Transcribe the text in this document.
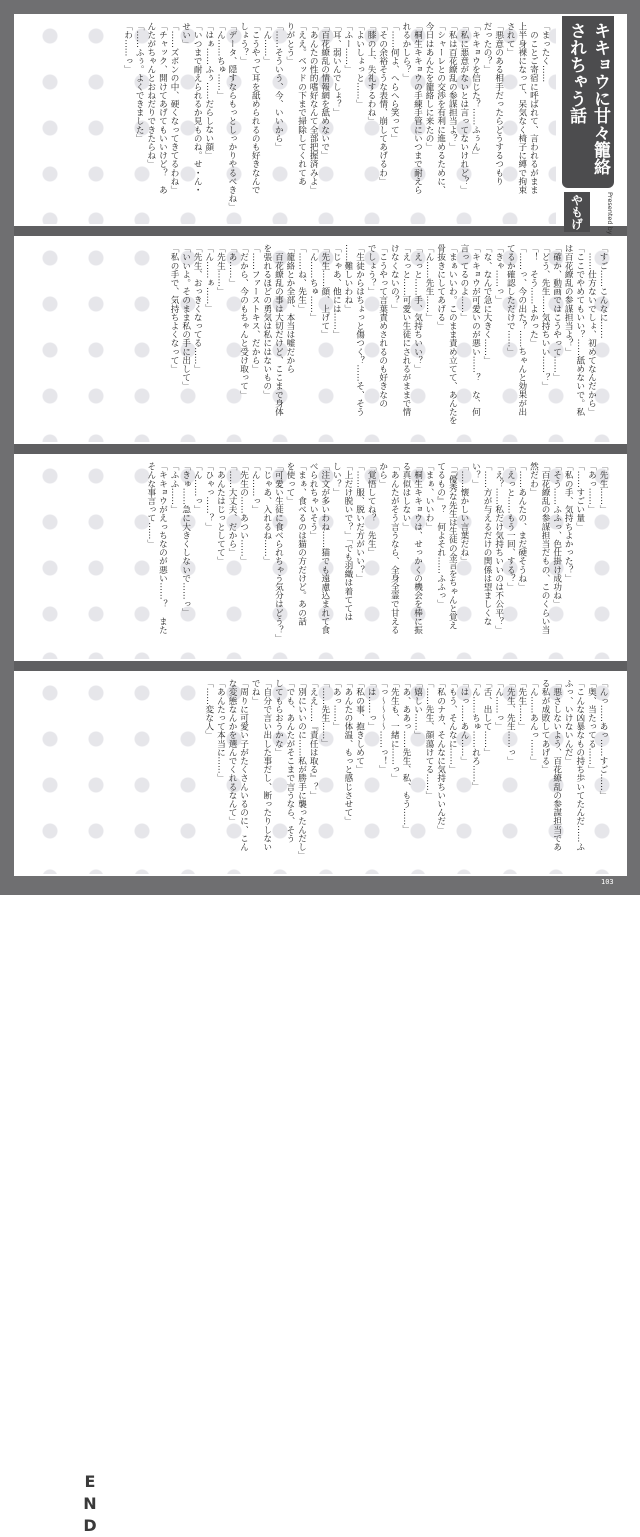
「まったく……
　のことご寄宿に呼ばれて、言われるがまま
上半身裸になって、呆気なく椅子に縛で拘束
されて」
「悪意のある相手だったらどうするつもり
だったの？」
「キキョウを信じた？……ふぅん」
「私に悪意がないとは言ってないけれど？」
「私は百花繚乱の参謀担当よ？」
「シャーレとの交渉を有利に進めるために、
今日はあんたを籠絡しに来たの」
「桐生キキョウの手練手管にいつまで耐えら
れるかしら？」
「……何よ、へらへら笑って」
「その余裕そうな表情、崩してあげるわ」
「膝の上、失礼するわね」
「よいしょっと……」
「ふー……」
「耳、弱いんでしょ？」
「百花繚乱の情報網を舐めないで」
「あんたの性的嗜好なんて全部把握済みよ」
「ええ。ベッドの下まで掃除してくれてあ
りがとう」
「……そういう、今、いいから」
「ん……」
「こうやって耳を舐められるのも好きなんで
しょう？」
「データ、隠すならもっとしっかりやるべきね」
「ん……ちゅ……」
「はぁ……ふぅ……だらしない顔」
「いつまで耐えられるか見ものね。せ・ん・
せい」
「……ズボンの中、硬くなってきてるわね」
「チャック、開けてあげてもいいけど？　あ
んたがちゃんとおねだりできたらね」
「……ふぅ。よくできました」
「わ……っ」
「すご……こんなに……
　……仕方ないでしょ、初めてなんだから」
「ここでやめてもいい？……舐めないで。私
は百花繚乱の参謀担当よ？」
「確か、動画ではこうやって……」
「どう、先生……気持ちいい……？」
「！　そう……よかった」
「……っ、今の出た？……ちゃんと効果が出
てるか確認しただけで……」
「きゃ……っ」
「な、なんで急に大きく……」
「キキョウが可愛いのが悪い……？　な、何
言ってるのよ……」
「まぁいいわ。このまま責め立てて、あんたを
骨抜きにしてあげる」
「ん……先生……」
「えっと……手、気持ちいい？」
「えっと……可愛い生徒にされるがままで情
けなくないの？」
「こうやって言葉責めされるのも好きなの
でしょう？」
「生徒からはちょっと傷つく？……そ、そう
……難しいわね」
「じゃあ、他には……」
「先生……顔、上げて」
「ん……ちゅ……」
「……ね、先生」
「籠絡とか全部、本当は嘘だから
　百花繚乱の事は大切だけど、ここまで身体
を張れるほどの勇気は私にはないもの」
「……ファーストキス、だから」
「だから、今のもちゃんと受け取って」
「あ……」
「先生……」
「ん……ぁ……」
「先生、おっきくなってる……」
「いいよ。そのまま私の手に出して」
「私の手で、気持ちよくなって」
「先生……」
「あっ……」
「……すごい量」
「私の手、気持ちよかった？」
「そう……ふふっ、色仕掛け成功ね」
「百花繚乱の参謀担当だもの、このくらい当
然だわ」
「……あんたの、まだ硬そうね」
「えっと……もう一回、する？」
「え？……私だけ気持ちいいのは不公平？」
「……方が与えるだけの関係は望ましくな
い？」
「……懐かしい言葉だね」
「『優秀な先生は生徒の金言をちゃんと覚え
てるもの』？　何よそれ……ふふっ」
「まぁ、いいわ」
「桐生キキョウは、せっかくの機会を棒に振
る真似はしない」
「あんたがそう言うなら、全身全霊で甘える
から」
「覚悟してね？　先生」
「……服、脱いだ方がいい？」
「上だけ脱いで？」「でも羽織は着てては
しい？」
「注文が多いわね……猫でも遠慮込まれて食
べられちゃいそう」
「まぁ、食べるのは猫の方だけど。あの話
を使って」
「可愛い生徒に食べられちゃう気分はどう？」
「じゃあ、入れるね……」
「ん……っ」
「先生の……あつい……」
「……大丈夫、だから」
「あんたはじっとしてて」
「ひゃっ……？」
「ん……っ」
「きゅ……急に大きくしないで……っ」
「ふふ……」
「キキョウがえっちなのが悪い……？　また
そんな事言って……」
「んっ……あっ……すご……」
「奥、当たってる……」
「こんな凶暴なもの持ち歩いてたんだ……ふ
ふっ、いけないんだ」
「悪さしないよう、百花繚乱の参謀担当であ
る私が成敗してあげる」
「ん……あんっ……」
「先生……」
「先生、先生……っ」
「ん……っ」
「舌、出して……」
「ん……ちゅ……れろ……」
「はっ……あん……」
「もう、そんなに……」
「私のナカ、そんなに気持ちいいんだ」
「……先生、顔蕩けてる……」
「嬉しい……」
「あ、ああっ……先生、私、もう……」
「先生も、一緒に……っ」
「っ～～～～……っ！」
「は……っ」
「私の事、抱きしめて」
「あんたの体温、もっと感じさせて」
「あっ……」
「……先生……」
「ええ……『責任は取る』？」
「別にいいのに……私が勝手に襲ったんだし」
「でも、あんたがそこまで言うなら、そう
してもらおうかな」
「自分で言い出した事だし、断ったりしない
でね」
「周りに可愛い子がたくさんいるのに、こん
な変態なんかを選んでくれるなんて」
「あんたって本当に……」
「……変な人」
E
N
D
キキョウに甘々籠絡されちゃう話
Presented by
やもげ
103
